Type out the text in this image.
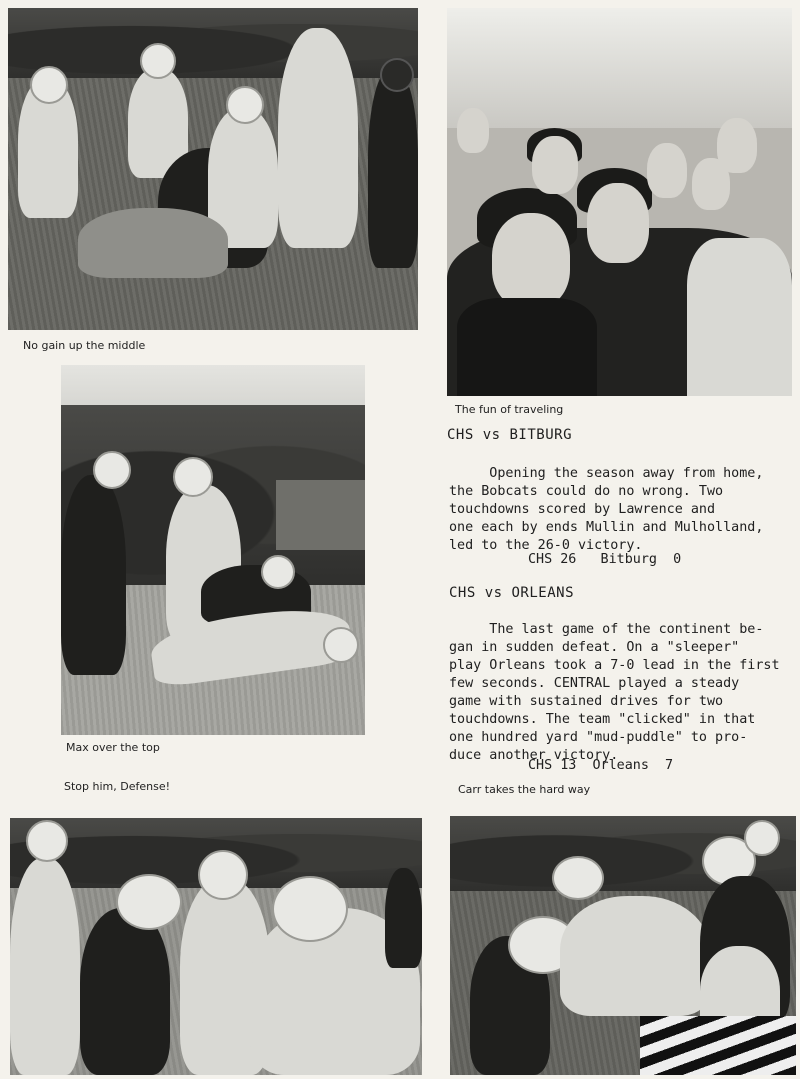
No gain up the middle
The fun of traveling
Max over the top
CHS vs BITBURG
Opening the season away from home,
the Bobcats could do no wrong. Two
touchdowns scored by Lawrence and
one each by ends Mullin and Mulholland,
led to the 26-0 victory.
CHS 26   Bitburg  0
CHS vs ORLEANS
The last game of the continent be-
gan in sudden defeat. On a "sleeper"
play Orleans took a 7-0 lead in the first
few seconds. CENTRAL played a steady
game with sustained drives for two
touchdowns. The team "clicked" in that
one hundred yard "mud-puddle" to pro-
duce another victory.
CHS 13  Orleans  7
Stop him, Defense!	Carr takes the hard way
